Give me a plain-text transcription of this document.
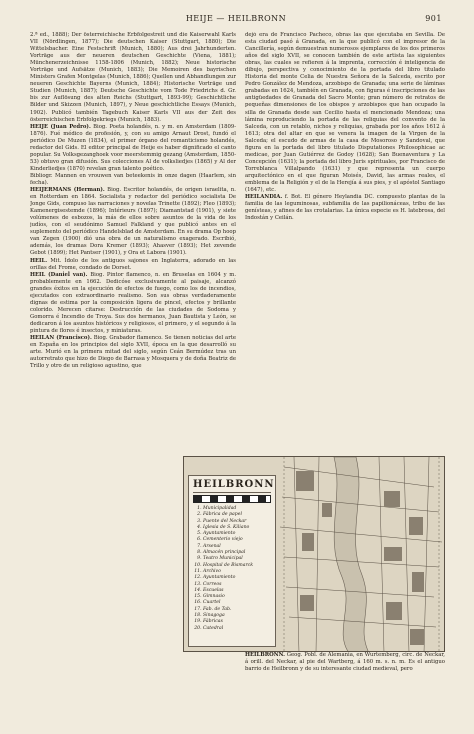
HEIJE — HEILBRONN	901

2.ª ed., 1888); Der österreichische Erbfolgestreit und die Kaiserwahl Karls VII (Nördlingen, 1877); Die deutschen Kaiser (Stuttgart, 1880); Die Wittelsbacher. Eine Festschrift (Munich, 1880); Aus drei Jahrhunderten. Vorträge aus der neueren deutschen Geschichte (Viena, 1881); Münchenerzeichnisse 1158-1806 (Munich, 1882); Neue historische Vorträge und Aufsätze (Munich, 1883); Die Memoiren des bayrischen Ministers Grafen Montgelas (Munich, 1886); Quellen und Abhandlungen zur neueren Geschichte Bayerns (Munich, 1884); Historische Vorträge und Studien (Munich, 1887); Deutsche Geschichte vom Tode Friedrichs d. Gr. bis zur Auflösung des alten Reichs (Stuttgart, 1893-99); Geschichtliche Bilder und Skizzen (Munich, 1897), y Neue geschichtliche Essays (Munich, 1902). Publicó también Tagebuch Kaiser Karls VII aus der Zeit des österreichischen Erbfolgekriegs (Munich, 1883).

HEIJE (Juan Pedro). Biog. Poeta holandés, n. y m. en Amsterdam (1809-1876). Fué médico de profesión, y, con su amigo Arnaut Drost, fundó el periódico De Muzen (1834), el primer órgano del romanticismo holandés, redactor del Gids. El editor principal de Heije es haber dignificado el canto popular. Su Volksgezanghoek voor meerstemmig gezang (Amsterdam, 1850-53) obtuvo gran difusión. Sus colecciones Al de volksliedjes (1865) y Al der Kinderliedjes (1870) revelan gran talento poético.

Bibliogr. Mannen en vrouwen van beteekenis in onze dagen (Haarlem, sin fecha).

HEIJERMANS (Herman). Biog. Escritor holandés, de origen israelita, n. en Rotterdam en 1864. Socialista y redactor del periódico socialista De Jonge Gids, compuso las narraciones y novelas Trinette (1892); Fleo (1893); Kamenergisestemde (1896); Intérieurs (1897); Diamantstad (1901), y siete volúmenes de esbozos, la más de ellos sobre asuntos de la vida de los judíos, con el seudónimo Samuel Falkland y que publicó antes en el suplemento del periódico Handelsblad de Amsterdam. En su drama Op hoop van Zegen (1900) dió una obra de un naturalismo exagerado. Escribió, además, los dramas Dora Kremer (1893); Ahasver (1893); Het zevende Gebot (1899); Het Pantser (1901), y Ora et Labora (1901).

HEIL. Mit. Ídolo de los antiguos sajones en Inglaterra, adorado en las orillas del Frome, condado de Dorset.

HEIL (Daniel van). Biog. Pintor flamenco, n. en Bruselas en 1604 y m. probablemente en 1662. Dedicóse exclusivamente al paisaje, alcanzó grandes éxitos en la ejecución de efectos de fuego, como los de incendios, ejecutados con extraordinario realismo. Son sus obras verdaderamente dignas de estima por la composición ligera de pincel, efectos y brillante colorido. Merecen citarse: Destrucción de las ciudades de Sodoma y Gomorra é Incendio de Troya. Sus dos hermanos, Juan Bautista y León, se dedicaron á los asuntos históricos y religiosos, el primero, y el segundo á la pintura de flores é insectos, y miniaturas.

HEILAN (Francisco). Biog. Grabador flamenco. Se tienen noticias del arte en España en los principios del siglo XVII, época en la que desarrolló su arte. Murió en la primera mitad del siglo, según Ceán Bermúdez tras un autorretrato que hizo de Diego de Barrasa y Mosquera y de doña Beatriz de Trillo y otro de un religioso agustino, que

dejó era de Francisco Pacheco, obras las que ejecutaba en Sevilla. De esta ciudad pasó á Granada, en la que publicó con el impresor de la Cancillería, según demuestran numerosos ejemplares de los dos primeros años del siglo XVII, se conocen también de este artista las siguientes obras, las cuales se refieren á la imprenta, corrección é inteligencia de dibujo, perspectiva y conocimiento de la portada del libro titulado Historia del monte Celia de Nuestra Señora de la Salceda, escrito por Pedro González de Mendoza, arzobispo de Granada; una serie de láminas grabadas en 1624, también en Granada, con figuras é inscripciones de las antigüedades de Granada del Sacro Monte; gran número de retratos de pequeñas dimensiones de los obispos y arzobispos que han ocupado la silla de Granada desde san Cecilio hasta el mencionado Mendoza; una lámina reproduciendo la portada de las reliquias del convento de la Salceda, con un retablo, nichos y reliquias, grabada por los años 1612 á 1613; otra del altar en que se venera la imagen de la Virgen de la Salceda; el escudo de armas de la casa de Mosoroso y Sandoval, que figura en la portada del libro titulado Disputationes Philosophicae ac medicae, por Juan Gutiérrez de Godoy (1628); San Buenaventura y La Concepción (1631); la portada del libro Juris spirituales, por Francisco de Torreblanca Villalpando (1631) y que representa un cuerpo arquitectónico en el que figuran Moisés, David, las armas reales, el emblema de la Religión y el de la Herejía á sus pies, y el apóstol Santiago (1647), etc.

HEILANDIA. f. Bot. El género Heylandia DC. compuesto plantas de la familia de las leguminosas, subfamilia de las papilionáceas, tribu de las genísteas, y afines de las crotalarias. La única especie es H. latebrosa, del Indostán y Ceilán.

HEILBRONN
1. Municipalidad
2. Fábrica de papel
3. Puente del Neckar
4. Iglesia de S. Kiliano
5. Ayuntamiento
6. Cementerio viejo
7. Arsenal
8. Almacén principal
9. Teatro Municipal
10. Hospital de Bismarck
11. Archivo
12. Ayuntamiento
13. Correos
14. Escuelas
15. Gimnasio
16. Cuartel
17. Fab. de Tab.
18. Sinagoga
19. Fábricas
20. Catedral

HEILBRONN. Geog. Pobl. de Alemania, en Wurtemberg, circ. de Neckar, á orill. del Neckar, al pie del Wartberg, á 160 m. s. n. m. Es el antiguo barrio de Heilbronn y de su interesante ciudad medieval, pero
